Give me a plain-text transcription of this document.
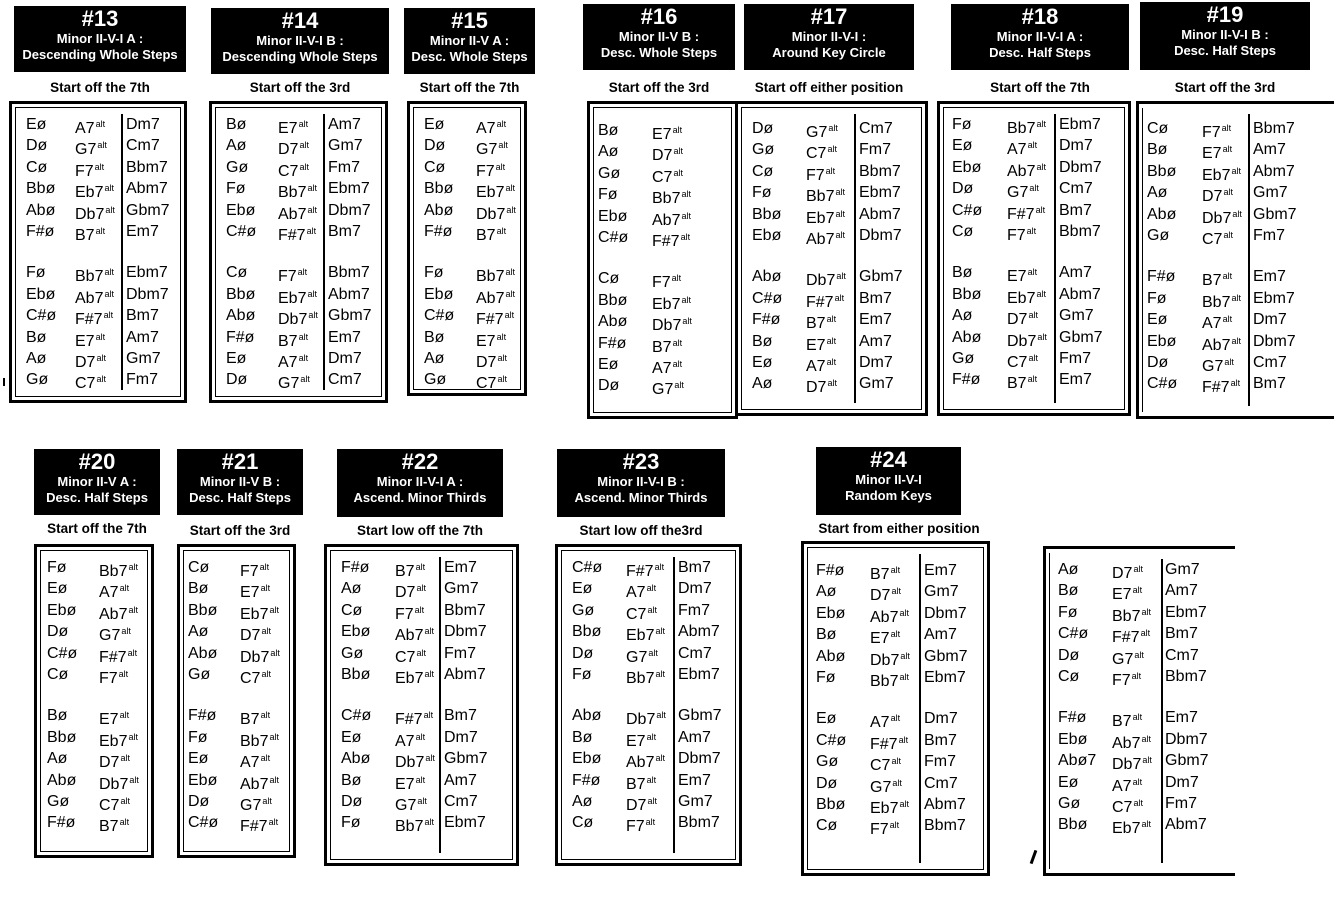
#13
Minor II-V-I A :
Descending Whole Steps
Start off the 7th
Eø
Dø
Cø
Bbø
Abø
F#ø
Fø
Ebø
C#ø
Bø
Aø
Gø
$A7^{alt}$
$G7^{alt}$
$F7^{alt}$
$Eb7^{alt}$
$Db7^{alt}$
$B7^{alt}$
$Bb7^{alt}$
$Ab7^{alt}$
$F\#7^{alt}$
$E7^{alt}$
$D7^{alt}$
$C7^{alt}$
Dm7
Cm7
Bbm7
Abm7
Gbm7
Em7
Ebm7
Dbm7
Bm7
Am7
Gm7
Fm7
#14
Minor II-V-I B :
Descending Whole Steps
Start off the 3rd
Bø
Aø
Gø
Fø
Ebø
C#ø
Cø
Bbø
Abø
F#ø
Eø
Dø
$E7^{alt}$
$D7^{alt}$
$C7^{alt}$
$Bb7^{alt}$
$Ab7^{alt}$
$F\#7^{alt}$
$F7^{alt}$
$Eb7^{alt}$
$Db7^{alt}$
$B7^{alt}$
$A7^{alt}$
$G7^{alt}$
Am7
Gm7
Fm7
Ebm7
Dbm7
Bm7
Bbm7
Abm7
Gbm7
Em7
Dm7
Cm7
#15
Minor II-V A :
Desc. Whole Steps
Start off the 7th
Eø
Dø
Cø
Bbø
Abø
F#ø
Fø
Ebø
C#ø
Bø
Aø
Gø
$A7^{alt}$
$G7^{alt}$
$F7^{alt}$
$Eb7^{alt}$
$Db7^{alt}$
$B7^{alt}$
$Bb7^{alt}$
$Ab7^{alt}$
$F\#7^{alt}$
$E7^{alt}$
$D7^{alt}$
$C7^{alt}$
#16
Minor II-V B :
Desc. Whole Steps
Start off the 3rd
Bø
Aø
Gø
Fø
Ebø
C#ø
Cø
Bbø
Abø
F#ø
Eø
Dø
$E7^{alt}$
$D7^{alt}$
$C7^{alt}$
$Bb7^{alt}$
$Ab7^{alt}$
$F\#7^{alt}$
$F7^{alt}$
$Eb7^{alt}$
$Db7^{alt}$
$B7^{alt}$
$A7^{alt}$
$G7^{alt}$
#17
Minor II-V-I :
Around Key Circle
Start off either position
Dø
Gø
Cø
Fø
Bbø
Ebø
Abø
C#ø
F#ø
Bø
Eø
Aø
$G7^{alt}$
$C7^{alt}$
$F7^{alt}$
$Bb7^{alt}$
$Eb7^{alt}$
$Ab7^{alt}$
$Db7^{alt}$
$F\#7^{alt}$
$B7^{alt}$
$E7^{alt}$
$A7^{alt}$
$D7^{alt}$
Cm7
Fm7
Bbm7
Ebm7
Abm7
Dbm7
Gbm7
Bm7
Em7
Am7
Dm7
Gm7
#18
Minor II-V-I A :
Desc. Half Steps
Start off the 7th
Fø
Eø
Ebø
Dø
C#ø
Cø
Bø
Bbø
Aø
Abø
Gø
F#ø
$Bb7^{alt}$
$A7^{alt}$
$Ab7^{alt}$
$G7^{alt}$
$F\#7^{alt}$
$F7^{alt}$
$E7^{alt}$
$Eb7^{alt}$
$D7^{alt}$
$Db7^{alt}$
$C7^{alt}$
$B7^{alt}$
Ebm7
Dm7
Dbm7
Cm7
Bm7
Bbm7
Am7
Abm7
Gm7
Gbm7
Fm7
Em7
#19
Minor II-V-I B :
Desc. Half Steps
Start off the 3rd
Cø
Bø
Bbø
Aø
Abø
Gø
F#ø
Fø
Eø
Ebø
Dø
C#ø
$F7^{alt}$
$E7^{alt}$
$Eb7^{alt}$
$D7^{alt}$
$Db7^{alt}$
$C7^{alt}$
$B7^{alt}$
$Bb7^{alt}$
$A7^{alt}$
$Ab7^{alt}$
$G7^{alt}$
$F\#7^{alt}$
Bbm7
Am7
Abm7
Gm7
Gbm7
Fm7
Em7
Ebm7
Dm7
Dbm7
Cm7
Bm7
#20
Minor II-V A :
Desc. Half Steps
Start off the 7th
Fø
Eø
Ebø
Dø
C#ø
Cø
Bø
Bbø
Aø
Abø
Gø
F#ø
$Bb7^{alt}$
$A7^{alt}$
$Ab7^{alt}$
$G7^{alt}$
$F\#7^{alt}$
$F7^{alt}$
$E7^{alt}$
$Eb7^{alt}$
$D7^{alt}$
$Db7^{alt}$
$C7^{alt}$
$B7^{alt}$
#21
Minor II-V B :
Desc. Half Steps
Start off the 3rd
Cø
Bø
Bbø
Aø
Abø
Gø
F#ø
Fø
Eø
Ebø
Dø
C#ø
$F7^{alt}$
$E7^{alt}$
$Eb7^{alt}$
$D7^{alt}$
$Db7^{alt}$
$C7^{alt}$
$B7^{alt}$
$Bb7^{alt}$
$A7^{alt}$
$Ab7^{alt}$
$G7^{alt}$
$F\#7^{alt}$
#22
Minor II-V-I A :
Ascend. Minor Thirds
Start low off the 7th
F#ø
Aø
Cø
Ebø
Gø
Bbø
C#ø
Eø
Abø
Bø
Dø
Fø
$B7^{alt}$
$D7^{alt}$
$F7^{alt}$
$Ab7^{alt}$
$C7^{alt}$
$Eb7^{alt}$
$F\#7^{alt}$
$A7^{alt}$
$Db7^{alt}$
$E7^{alt}$
$G7^{alt}$
$Bb7^{alt}$
Em7
Gm7
Bbm7
Dbm7
Fm7
Abm7
Bm7
Dm7
Gbm7
Am7
Cm7
Ebm7
#23
Minor II-V-I B :
Ascend. Minor Thirds
Start low off the3rd
C#ø
Eø
Gø
Bbø
Dø
Fø
Abø
Bø
Ebø
F#ø
Aø
Cø
$F\#7^{alt}$
$A7^{alt}$
$C7^{alt}$
$Eb7^{alt}$
$G7^{alt}$
$Bb7^{alt}$
$Db7^{alt}$
$E7^{alt}$
$Ab7^{alt}$
$B7^{alt}$
$D7^{alt}$
$F7^{alt}$
Bm7
Dm7
Fm7
Abm7
Cm7
Ebm7
Gbm7
Am7
Dbm7
Em7
Gm7
Bbm7
#24
Minor II-V-I
Random Keys
Start from either position
F#ø
Aø
Ebø
Bø
Abø
Fø
Eø
C#ø
Gø
Dø
Bbø
Cø
$B7^{alt}$
$D7^{alt}$
$Ab7^{alt}$
$E7^{alt}$
$Db7^{alt}$
$Bb7^{alt}$
$A7^{alt}$
$F\#7^{alt}$
$C7^{alt}$
$G7^{alt}$
$Eb7^{alt}$
$F7^{alt}$
Em7
Gm7
Dbm7
Am7
Gbm7
Ebm7
Dm7
Bm7
Fm7
Cm7
Abm7
Bbm7
Aø
Bø
Fø
C#ø
Dø
Cø
F#ø
Ebø
Abø7
Eø
Gø
Bbø
$D7^{alt}$
$E7^{alt}$
$Bb7^{alt}$
$F\#7^{alt}$
$G7^{alt}$
$F7^{alt}$
$B7^{alt}$
$Ab7^{alt}$
$Db7^{alt}$
$A7^{alt}$
$C7^{alt}$
$Eb7^{alt}$
Gm7
Am7
Ebm7
Bm7
Cm7
Bbm7
Em7
Dbm7
Gbm7
Dm7
Fm7
Abm7
